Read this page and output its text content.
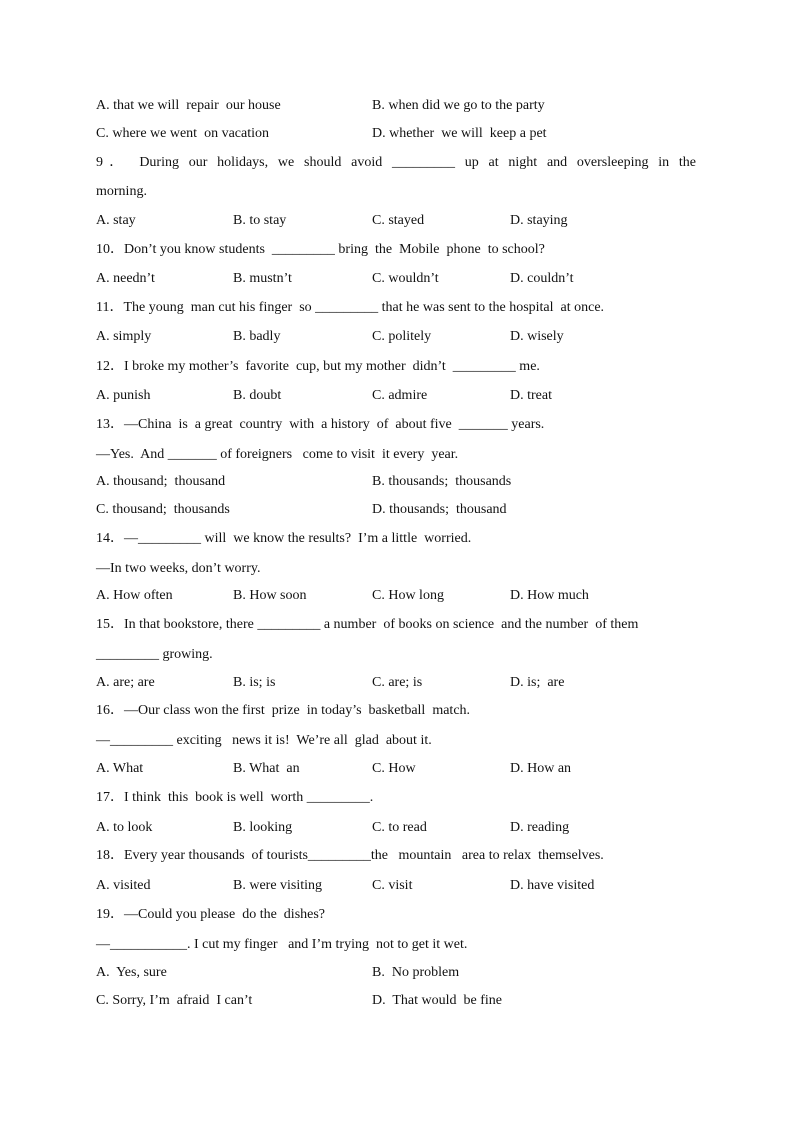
A. that we will  repair  our house	B. when did we go to the party
C. where we went  on vacation	D. whether  we will  keep a pet
9． During our holidays, we should avoid _________ up at night and oversleeping in the
morning.
A. stay	B. to stay	C. stayed	D. staying
10．Don’t you know students  _________ bring  the  Mobile  phone  to school?
A. needn’t	B. mustn’t	C. wouldn’t	D. couldn’t
11．The young  man cut his finger  so _________ that he was sent to the hospital  at once.
A. simply	B. badly	C. politely	D. wisely
12．I broke my mother’s  favorite  cup, but my mother  didn’t  _________ me.
A. punish	B. doubt	C. admire	D. treat
13．—China  is  a great  country  with  a history  of  about five  _______ years.
—Yes.  And _______ of foreigners   come to visit  it every  year.
A. thousand;  thousand	B. thousands;  thousands
C. thousand;  thousands	D. thousands;  thousand
14．—_________ will  we know the results?  I’m a little  worried.
—In two weeks, don’t worry.
A. How often	B. How soon	C. How long	D. How much
15．In that bookstore, there _________ a number  of books on science  and the number  of them
_________ growing.
A. are; are	B. is; is	C. are; is	D. is;  are
16．—Our class won the first  prize  in today’s  basketball  match.
—_________ exciting   news it is!  We’re all  glad  about it.
A. What	B. What  an	C. How	D. How an
17．I think  this  book is well  worth _________.
A. to look	B. looking	C. to read	D. reading
18．Every year thousands  of tourists_________the   mountain   area to relax  themselves.
A. visited	B. were visiting	C. visit	D. have visited
19．—Could you please  do the  dishes?
—___________. I cut my finger   and I’m trying  not to get it wet.
A.  Yes, sure	B.  No problem
C. Sorry, I’m  afraid  I can’t	D.  That would  be fine
